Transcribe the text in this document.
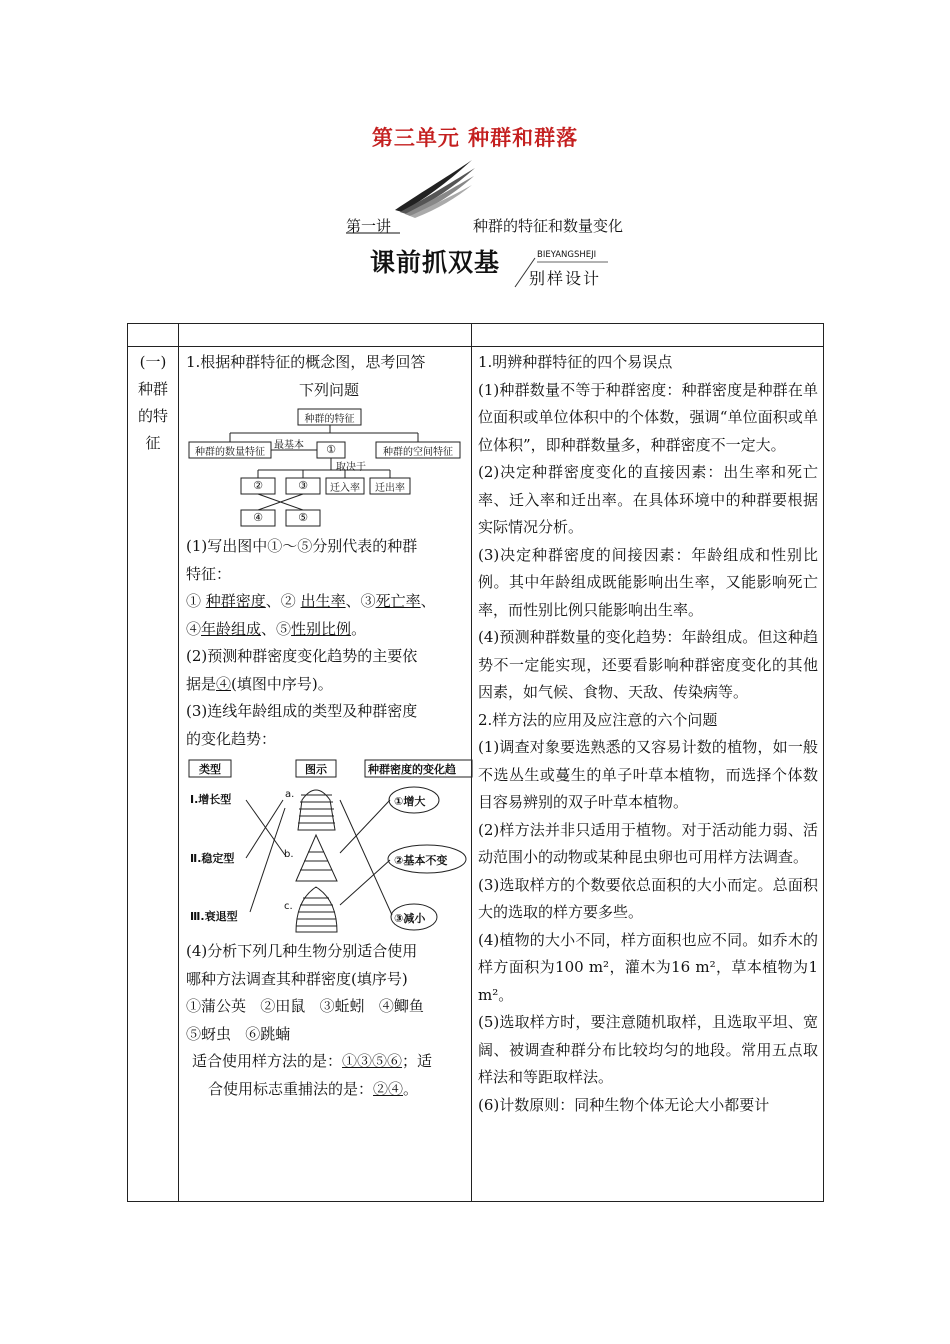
第三单元 种群和群落
第一讲	种群的特征和数量变化
课前抓双基	BIEYANGSHEJI
别样设计
(一)种群的特征
1.根据种群特征的概念图，思考回答
下列问题
种群的特征
种群的数量特征	种群的空间特征
最基本	①
取决于
②	③	迁入率	迁出率
④	⑤
(1)写出图中①～⑤分别代表的种群
特征：
① 种群密度、② 出生率、③死亡率、
④年龄组成、⑤性别比例。
(2)预测种群密度变化趋势的主要依
据是④(填图中序号)。
(3)连线年龄组成的类型及种群密度
的变化趋势：
类型	图示	种群密度的变化趋
Ⅰ.增长型
Ⅱ.稳定型
Ⅲ.衰退型
a.
b.
c.
①增大
②基本不变
③减小
(4)分析下列几种生物分别适合使用
哪种方法调查其种群密度(填序号)
①蒲公英   ②田鼠   ③蚯蚓   ④鲫鱼
⑤蚜虫   ⑥跳蝻
适合使用样方法的是：①③⑤⑥；适
合使用标志重捕法的是：②④。

1.明辨种群特征的四个易误点

(1)种群数量不等于种群密度：种群密度是种群在单位面积或单位体积中的个体数，强调“单位面积或单位体积”，即种群数量多，种群密度不一定大。

(2)决定种群密度变化的直接因素：出生率和死亡率、迁入率和迁出率。在具体环境中的种群要根据实际情况分析。

(3)决定种群密度的间接因素：年龄组成和性别比例。其中年龄组成既能影响出生率，又能影响死亡率，而性别比例只能影响出生率。

(4)预测种群数量的变化趋势：年龄组成。但这种趋势不一定能实现，还要看影响种群密度变化的其他因素，如气候、食物、天敌、传染病等。

2.样方法的应用及应注意的六个问题

(1)调查对象要选熟悉的又容易计数的植物，如一般不选丛生或蔓生的单子叶草本植物，而选择个体数目容易辨别的双子叶草本植物。

(2)样方法并非只适用于植物。对于活动能力弱、活动范围小的动物或某种昆虫卵也可用样方法调查。

(3)选取样方的个数要依总面积的大小而定。总面积大的选取的样方要多些。

(4)植物的大小不同，样方面积也应不同。如乔木的样方面积为100 m²，灌木为16 m²，草本植物为1 m²。

(5)选取样方时，要注意随机取样，且选取平坦、宽阔、被调查种群分布比较均匀的地段。常用五点取样法和等距取样法。

(6)计数原则：同种生物个体无论大小都要计
